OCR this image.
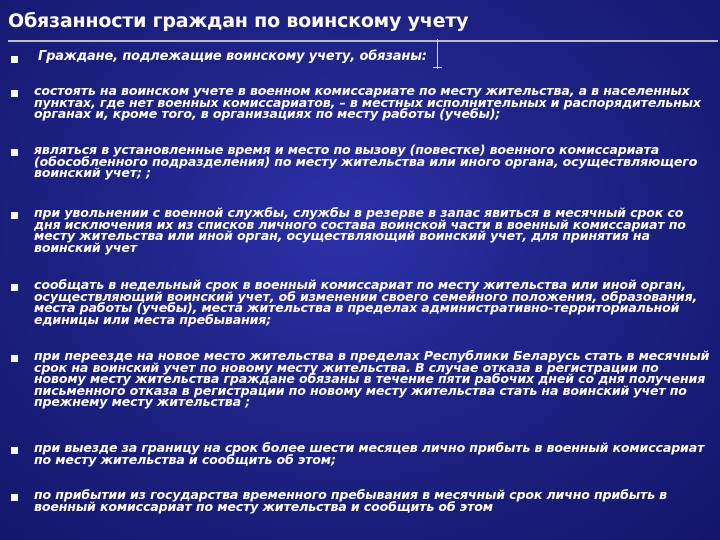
Обязанности граждан по воинскому учету
Граждане, подлежащие воинскому учету, обязаны:
состоять на воинском учете в военном комиссариате по месту жительства, а в населенных пунктах, где нет военных комиссариатов, – в местных исполнительных и распорядительных органах и, кроме того, в организациях по месту работы (учебы);
являться в установленные время и место по вызову (повестке) военного комиссариата (обособленного подразделения) по месту жительства или иного органа, осуществляющего воинский учет; ;
при увольнении с военной службы, службы в резерве в запас явиться в месячный срок со дня исключения их из списков личного состава воинской части в военный комиссариат по месту жительства или иной орган, осуществляющий воинский учет, для принятия на воинский учет
сообщать в недельный срок в военный комиссариат по месту жительства или иной орган, осуществляющий воинский учет, об изменении своего семейного положения, образования, места работы (учебы), места жительства в пределах административно-территориальной единицы или места пребывания;
при переезде на новое место жительства в пределах Республики Беларусь стать в месячный срок на воинский учет по новому месту жительства. В случае отказа в регистрации по новому месту жительства граждане обязаны в течение пяти рабочих дней со дня получения письменного отказа в регистрации по новому месту жительства стать на воинский учет по прежнему месту жительства ;
при выезде за границу на срок более шести месяцев лично прибыть в военный комиссариат по месту жительства и сообщить об этом;
по прибытии из государства временного пребывания в месячный срок лично прибыть в военный комиссариат по месту жительства и сообщить об этом
